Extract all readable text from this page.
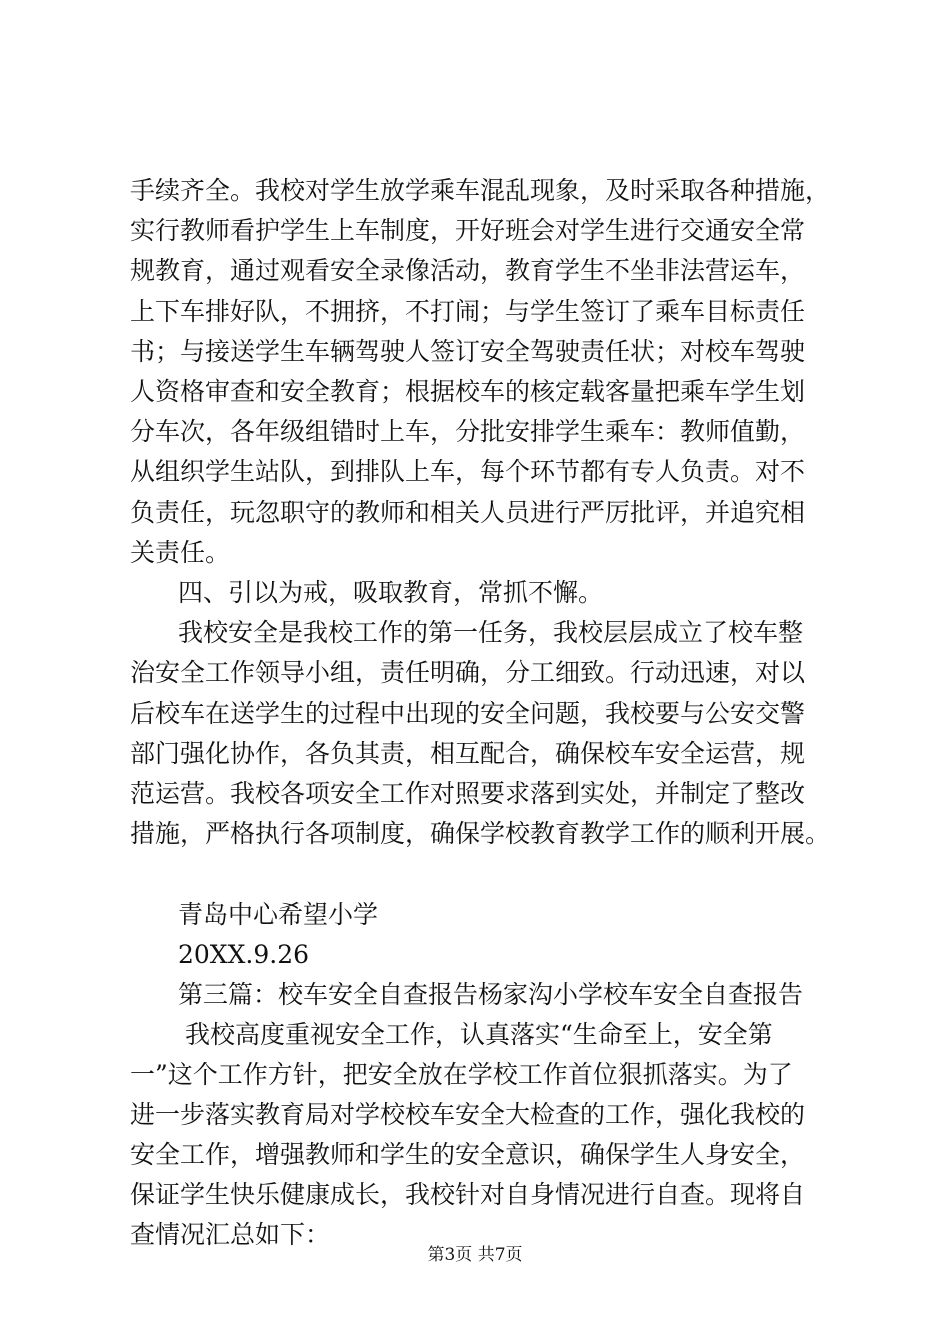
手续齐全。我校对学生放学乘车混乱现象，及时采取各种措施，
实行教师看护学生上车制度，开好班会对学生进行交通安全常
规教育，通过观看安全录像活动，教育学生不坐非法营运车，
上下车排好队，不拥挤，不打闹；与学生签订了乘车目标责任
书；与接送学生车辆驾驶人签订安全驾驶责任状；对校车驾驶
人资格审查和安全教育；根据校车的核定载客量把乘车学生划
分车次，各年级组错时上车，分批安排学生乘车：教师值勤，
从组织学生站队，到排队上车，每个环节都有专人负责。对不
负责任，玩忽职守的教师和相关人员进行严厉批评，并追究相
关责任。
四、引以为戒，吸取教育，常抓不懈。
我校安全是我校工作的第一任务，我校层层成立了校车整
治安全工作领导小组，责任明确，分工细致。行动迅速，对以
后校车在送学生的过程中出现的安全问题，我校要与公安交警
部门强化协作，各负其责，相互配合，确保校车安全运营，规
范运营。我校各项安全工作对照要求落到实处，并制定了整改
措施，严格执行各项制度，确保学校教育教学工作的顺利开展。
青岛中心希望小学
20XX.9.26
第三篇：校车安全自查报告杨家沟小学校车安全自查报告
我校高度重视安全工作，认真落实“生命至上，安全第
一”这个工作方针，把安全放在学校工作首位狠抓落实。为了
进一步落实教育局对学校校车安全大检查的工作，强化我校的
安全工作，增强教师和学生的安全意识，确保学生人身安全，
保证学生快乐健康成长，我校针对自身情况进行自查。现将自
查情况汇总如下：
第3页 共7页
